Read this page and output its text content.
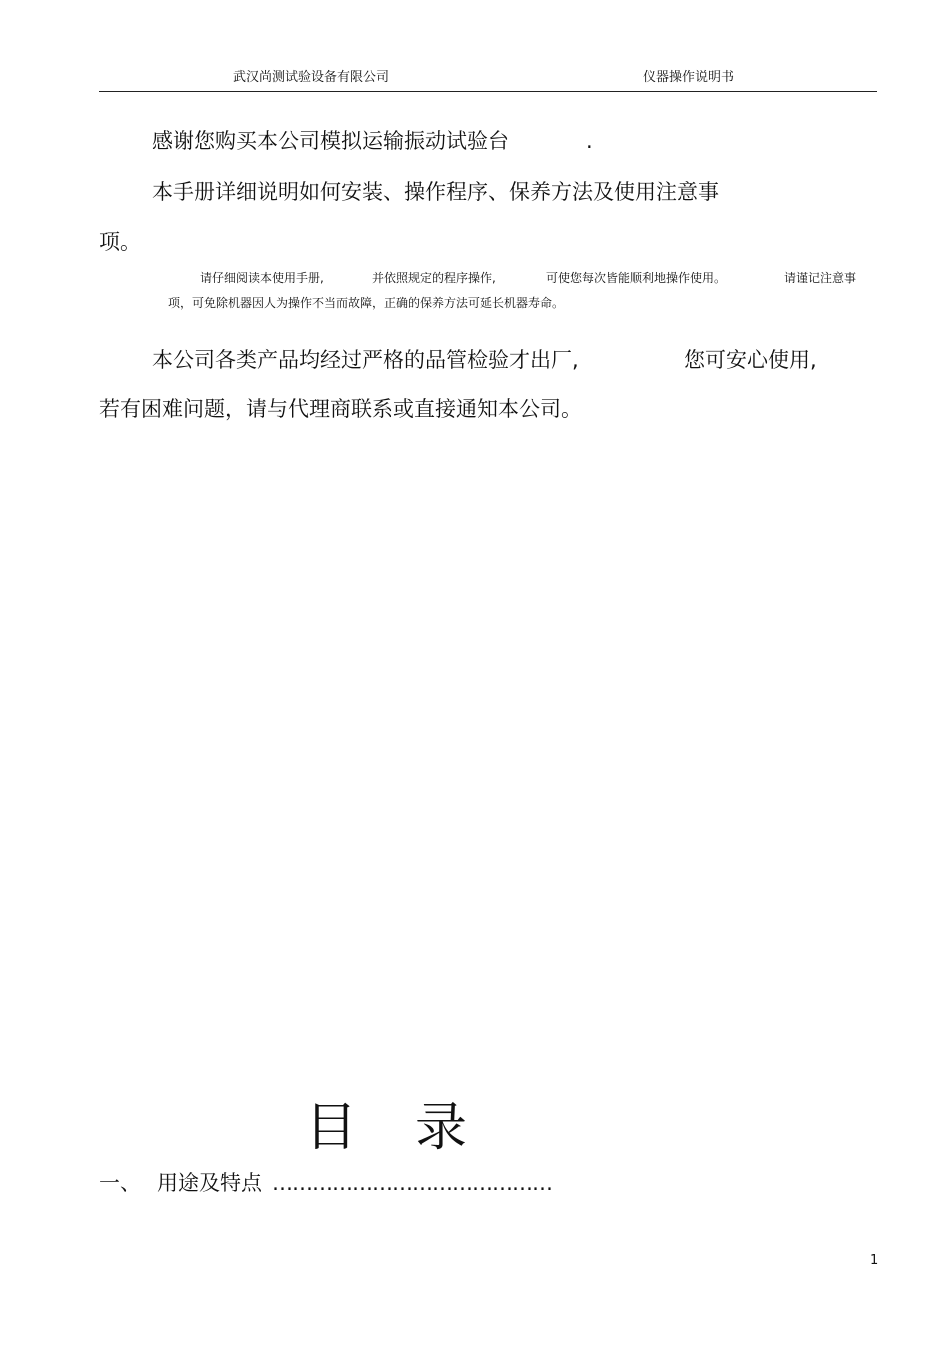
武汉尚测试验设备有限公司	仪器操作说明书
感谢您购买本公司模拟运输振动试验台	.
本手册详细说明如何安装、操作程序、保养方法及使用注意事
项。
请仔细阅读本使用手册,	并依照规定的程序操作,	可使您每次皆能顺利地操作使用。	请谨记注意事
项，可免除机器因人为操作不当而故障，正确的保养方法可延长机器寿命。
本公司各类产品均经过严格的品管检验才出厂,	您可安心使用,
若有困难问题，请与代理商联系或直接通知本公司。
目 录
一、 用途及特点 ……………………………………
1
